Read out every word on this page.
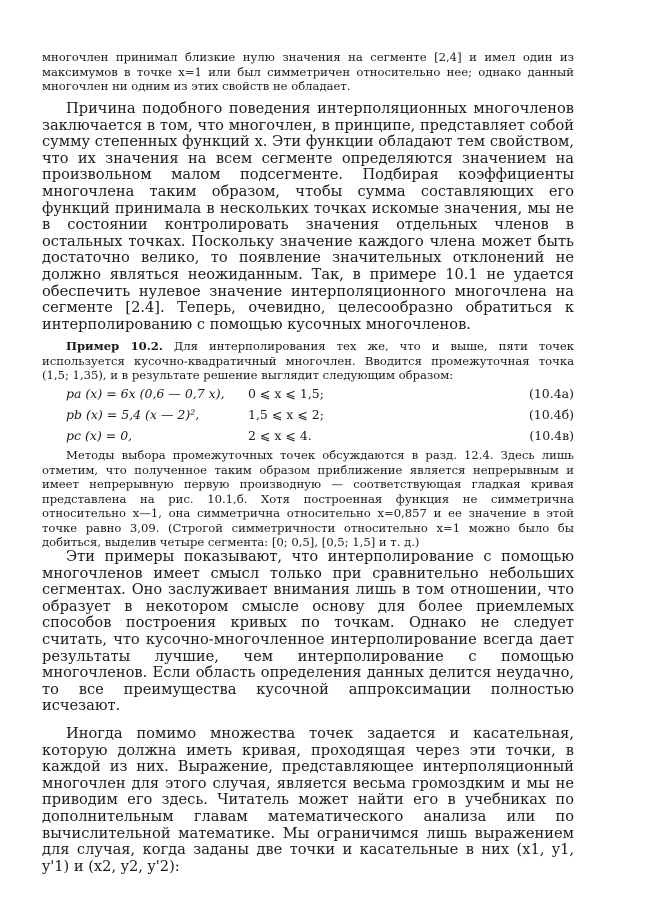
многочлен принимал близкие нулю значения на сегменте [2,4] и имел один из максимумов в точке x=1 или был симметричен относительно нее; однако данный многочлен ни одним из этих свойств не обладает.

Причина подобного поведения интерполяционных многочленов заключается в том, что многочлен, в принципе, представляет собой сумму степенных функций x. Эти функции обладают тем свойством, что их значения на всем сегменте определяются значением на произвольном малом подсегменте. Подбирая коэффициенты многочлена таким образом, чтобы сумма составляющих его функций принимала в нескольких точках искомые значения, мы не в состоянии контролировать значения отдельных членов в остальных точках. Поскольку значение каждого члена может быть достаточно велико, то появление значительных отклонений не должно являться неожиданным. Так, в примере 10.1 не удается обеспечить нулевое значение интерполяционного многочлена на сегменте [2.4]. Теперь, очевидно, целесообразно обратиться к интерполированию с помощью кусочных многочленов.

Пример 10.2. Для интерполирования тех же, что и выше, пяти точек используется кусочно-квадратичный многочлен. Вводится промежуточная точка (1,5; 1,35), и в результате решение выглядит следующим образом:
pa (x) = 6x (0,6 — 0,7 x), 0 ⩽ x ⩽ 1,5;	(10.4а)
pb (x) = 5,4 (x — 2)²,	1,5 ⩽ x ⩽ 2;	(10.4б)
pc (x) = 0,	2 ⩽ x ⩽ 4.	(10.4в)

Методы выбора промежуточных точек обсуждаются в разд. 12.4. Здесь лишь отметим, что полученное таким образом приближение является непрерывным и имеет непрерывную первую производную — соответствующая гладкая кривая представлена на рис. 10.1,б. Хотя построенная функция не симметрична относительно x—1, она симметрична относительно x=0,857 и ее значение в этой точке равно 3,09. (Строгой симметричности относительно x=1 можно было бы добиться, выделив четыре сегмента: [0; 0,5], [0,5; 1,5] и т. д.)

Эти примеры показывают, что интерполирование с помощью многочленов имеет смысл только при сравнительно небольших сегментах. Оно заслуживает внимания лишь в том отношении, что образует в некотором смысле основу для более приемлемых способов построения кривых по точкам. Однако не следует считать, что кусочно-многочленное интерполирование всегда дает результаты лучшие, чем интерполирование с помощью многочленов. Если область определения данных делится неудачно, то все преимущества кусочной аппроксимации полностью исчезают.

Иногда помимо множества точек задается и касательная, которую должна иметь кривая, проходящая через эти точки, в каждой из них. Выражение, представляющее интерполяционный многочлен для этого случая, является весьма громоздким и мы не приводим его здесь. Читатель может найти его в учебниках по дополнительным главам математического анализа или по вычислительной математике. Мы ограничимся лишь выражением для случая, когда заданы две точки и касательные в них (x1, y1, y'1) и (x2, y2, y'2):
